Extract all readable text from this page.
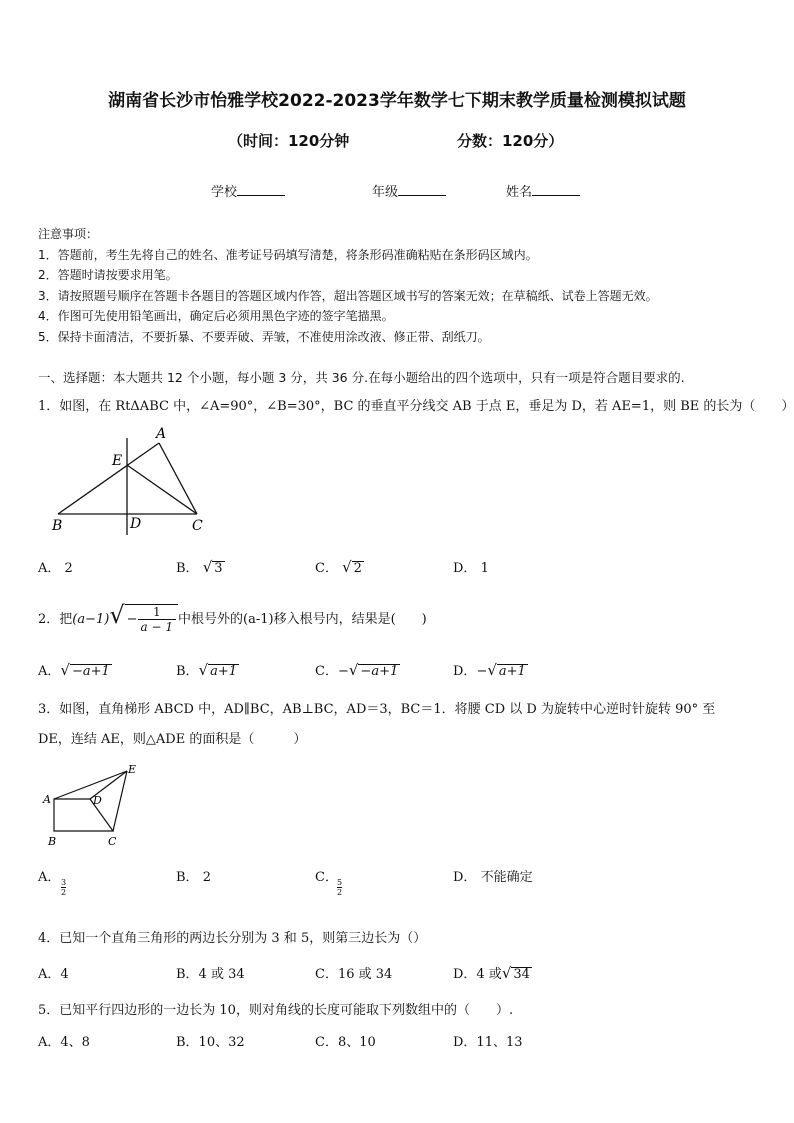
湖南省长沙市怡雅学校2022-2023学年数学七下期末教学质量检测模拟试题
（时间：120分钟	分数：120分）
学校	年级	姓名
注意事项：
1．答题前，考生先将自己的姓名、准考证号码填写清楚，将条形码准确粘贴在条形码区域内。
2．答题时请按要求用笔。
3．请按照题号顺序在答题卡各题目的答题区域内作答，超出答题区域书写的答案无效；在草稿纸、试卷上答题无效。
4．作图可先使用铅笔画出，确定后必须用黑色字迹的签字笔描黑。
5．保持卡面清洁，不要折暴、不要弄破、弄皱，不准使用涂改液、修正带、刮纸刀。
一、选择题：本大题共 12 个小题，每小题 3 分，共 36 分.在每小题给出的四个选项中，只有一项是符合题目要求的.
1．如图，在 RtΔABC 中，∠A=90°，∠B=30°，BC 的垂直平分线交 AB 于点 E，垂足为 D，若 AE=1，则 BE 的长为（　　）
A
E
B	D	C
A． 2	B． √ 3	C． √ 2	D． 1
2．把$(a-1)√ - \frac{1}{a - 1}$ 中根号外的(a-1)移入根号内，结果是(　　)
A．√ −a+1	B．√ a+1	C．−√ −a+1	D．−√ a+1
3．如图，直角梯形 ABCD 中，AD∥BC，AB⊥BC，AD＝3，BC＝1．将腰 CD 以 D 为旋转中心逆时针旋转 90° 至
DE，连结 AE，则△ADE 的面积是（　　　）
E
A	D
B	C
A． 3
2
B． 2	C． 5
2
D． 不能确定
4．已知一个直角三角形的两边长分别为 3 和 5，则第三边长为（）
A．4	B．4 或 34	C．16 或 34	D．4 或√ 34
5．已知平行四边形的一边长为 10，则对角线的长度可能取下列数组中的（　　）.
A．4、8	B．10、32	C．8、10	D．11、13
